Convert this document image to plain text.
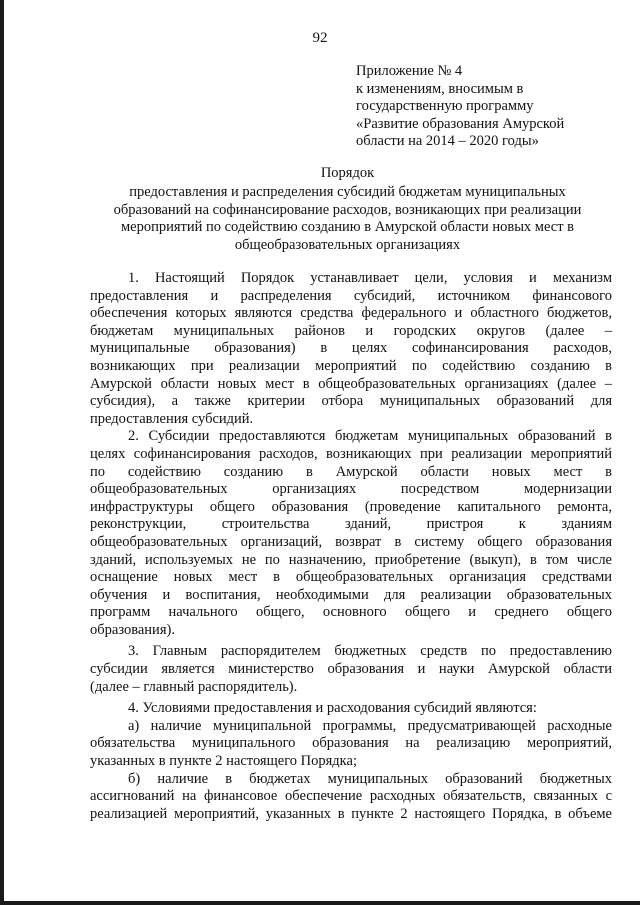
92
Приложение № 4
к изменениям, вносимым в
государственную программу
«Развитие образования Амурской
области на 2014 – 2020 годы»
Порядок
предоставления и распределения субсидий бюджетам муниципальных
образований на софинансирование расходов, возникающих при реализации
мероприятий по содействию созданию в Амурской области новых мест в
общеобразовательных организациях
1. Настоящий Порядок устанавливает цели, условия и механизм
предоставления и распределения субсидий, источником финансового
обеспечения которых являются средства федерального и областного бюджетов,
бюджетам муниципальных районов и городских округов (далее –
муниципальные образования) в целях софинансирования расходов,
возникающих при реализации мероприятий по содействию созданию в
Амурской области новых мест в общеобразовательных организациях (далее –
субсидия), а также критерии отбора муниципальных образований для
предоставления субсидий.
2. Субсидии предоставляются бюджетам муниципальных образований в
целях софинансирования расходов, возникающих при реализации мероприятий
по содействию созданию в Амурской области новых мест в
общеобразовательных организациях посредством модернизации
инфраструктуры общего образования (проведение капитального ремонта,
реконструкции, строительства зданий, пристроя к зданиям
общеобразовательных организаций, возврат в систему общего образования
зданий, используемых не по назначению, приобретение (выкуп), в том числе
оснащение новых мест в общеобразовательных организация средствами
обучения и воспитания, необходимыми для реализации образовательных
программ начального общего, основного общего и среднего общего
образования).
3. Главным распорядителем бюджетных средств по предоставлению
субсидии является министерство образования и науки Амурской области
(далее – главный распорядитель).
4. Условиями предоставления и расходования субсидий являются:
а) наличие муниципальной программы, предусматривающей расходные
обязательства муниципального образования на реализацию мероприятий,
указанных в пункте 2 настоящего Порядка;
б) наличие в бюджетах муниципальных образований бюджетных
ассигнований на финансовое обеспечение расходных обязательств, связанных с
реализацией мероприятий, указанных в пункте 2 настоящего Порядка, в объеме
